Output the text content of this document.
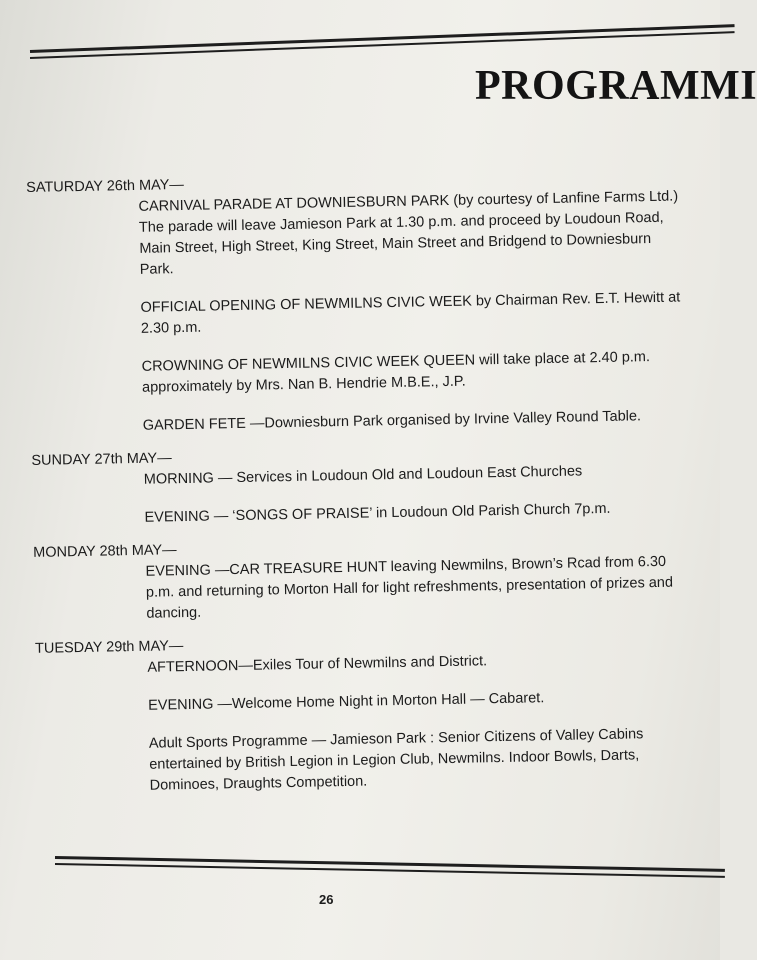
PROGRAMMI
SATURDAY 26th MAY—

CARNIVAL PARADE AT DOWNIESBURN PARK (by courtesy of Lanfine Farms Ltd.) The parade will leave Jamieson Park at 1.30 p.m. and proceed by Loudoun Road, Main Street, High Street, King Street, Main Street and Bridgend to Downiesburn Park.

OFFICIAL OPENING OF NEWMILNS CIVIC WEEK by Chairman Rev. E.T. Hewitt at 2.30 p.m.

CROWNING OF NEWMILNS CIVIC WEEK QUEEN will take place at 2.40 p.m. approximately by Mrs. Nan B. Hendrie M.B.E., J.P.

GARDEN FETE —Downiesburn Park organised by Irvine Valley Round Table.

SUNDAY 27th MAY—

MORNING — Services in Loudoun Old and Loudoun East Churches

EVENING — ‘SONGS OF PRAISE’ in Loudoun Old Parish Church 7p.m.

MONDAY 28th MAY—

EVENING —CAR TREASURE HUNT leaving Newmilns, Brown’s Rcad from 6.30 p.m. and returning to Morton Hall for light refreshments, presentation of prizes and dancing.

TUESDAY 29th MAY—

AFTERNOON—Exiles Tour of Newmilns and District.

EVENING —Welcome Home Night in Morton Hall — Cabaret.

Adult Sports Programme — Jamieson Park : Senior Citizens of Valley Cabins entertained by British Legion in Legion Club, Newmilns. Indoor Bowls, Darts, Dominoes, Draughts Competition.

26
